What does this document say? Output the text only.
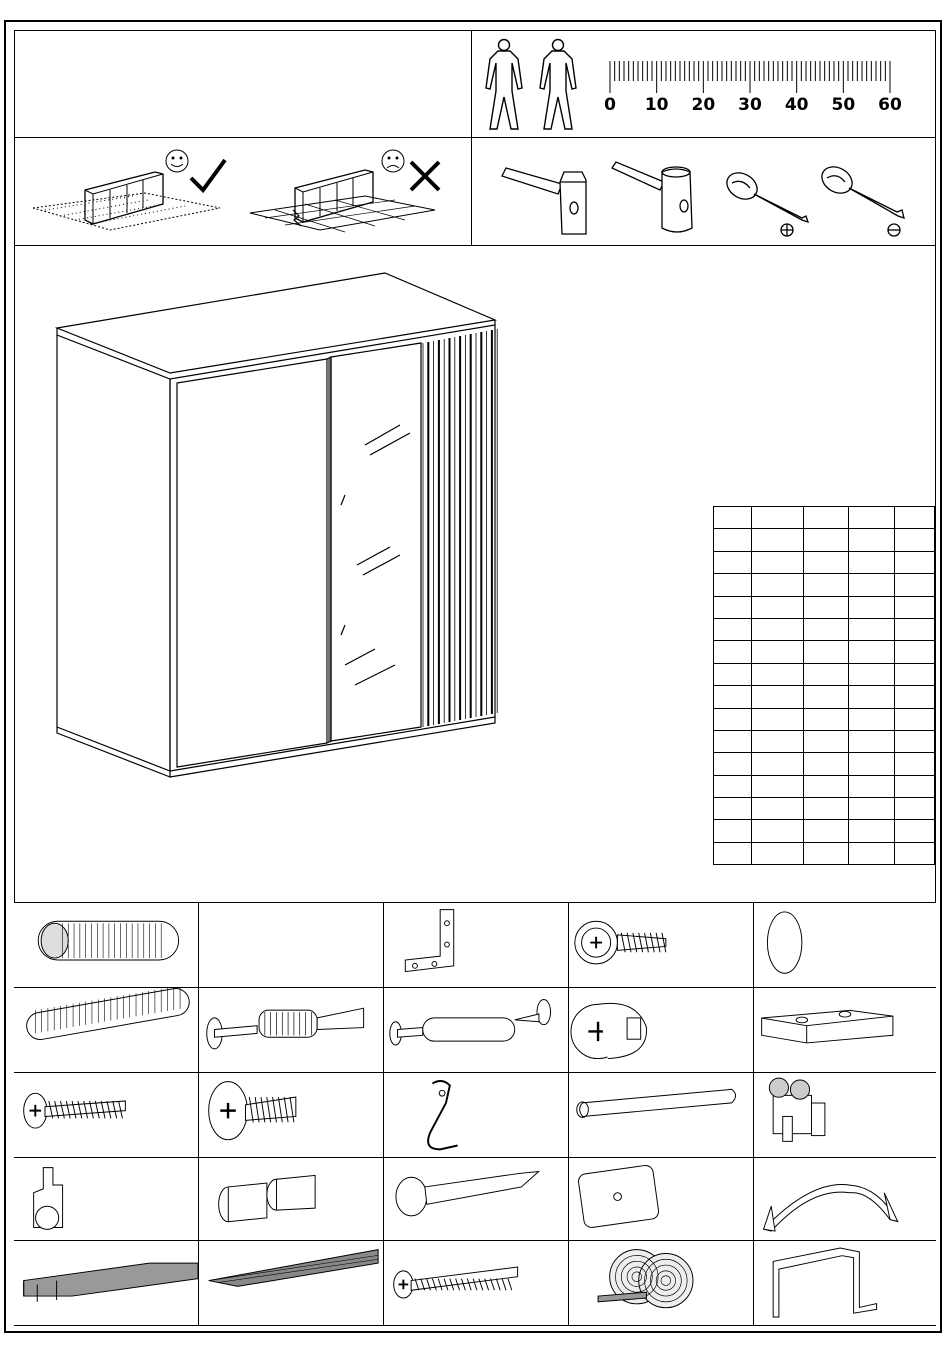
0 10 20 30 40 50 60
